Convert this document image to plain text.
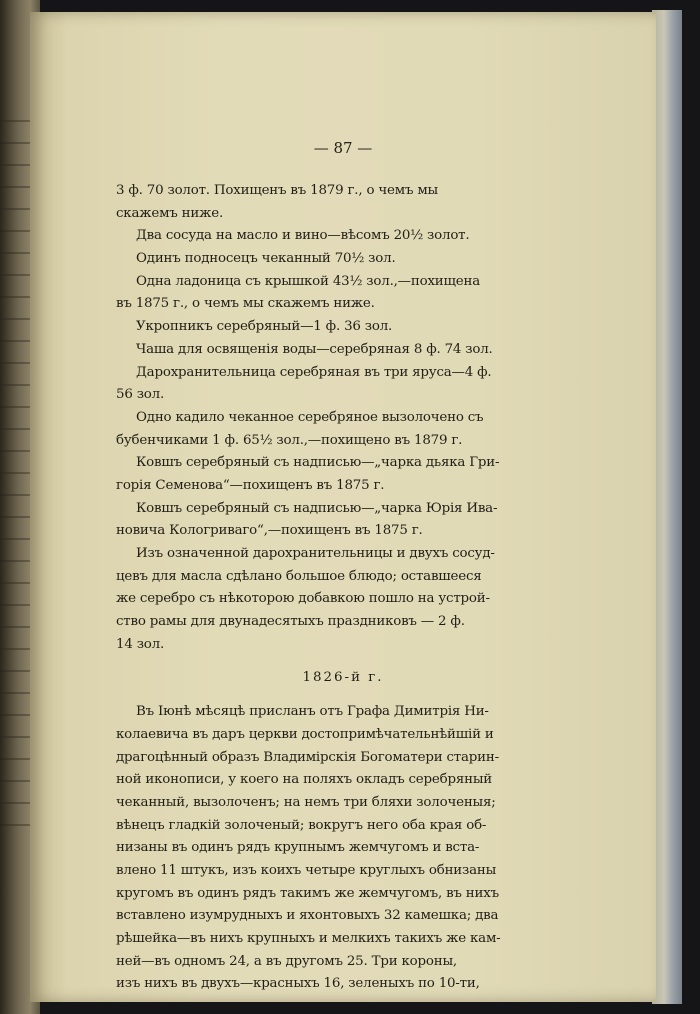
— 87 —
3 ф. 70 золот. Похищенъ въ 1879 г., о чемъ мы
скажемъ ниже.
Два сосуда на масло и вино—вѣсомъ 20½ золот.
Одинъ подносецъ чеканный 70½ зол.
Одна ладоница съ крышкой 43½ зол.,—похищена
въ 1875 г., о чемъ мы скажемъ ниже.
Укропникъ серебряный—1 ф. 36 зол.
Чаша для освященія воды—серебряная 8 ф. 74 зол.
Дарохранительница серебряная въ три яруса—4 ф.
56 зол.
Одно кадило чеканное серебряное вызолочено съ
бубенчиками 1 ф. 65½ зол.,—похищено въ 1879 г.
Ковшъ серебряный съ надписью—„чарка дьяка Гри-
горія Семенова“—похищенъ въ 1875 г.
Ковшъ серебряный съ надписью—„чарка Юрія Ива-
новича Кологриваго“,—похищенъ въ 1875 г.
Изъ означенной дарохранительницы и двухъ сосуд-
цевъ для масла сдѣлано большое блюдо; оставшееся
же серебро съ нѣкоторою добавкою пошло на устрой-
ство рамы для двунадесятыхъ праздниковъ — 2 ф.
14 зол.
1826-й г.
Въ Іюнѣ мѣсяцѣ присланъ отъ Графа Димитрія Ни-
колаевича въ даръ церкви достопримѣчательнѣйшій и
драгоцѣнный образъ Владимірскія Богоматери старин-
ной иконописи, у коего на поляхъ окладъ серебряный
чеканный, вызолоченъ; на немъ три бляхи золоченыя;
вѣнецъ гладкій золоченый; вокругъ него оба края об-
низаны въ одинъ рядъ крупнымъ жемчугомъ и вста-
влено 11 штукъ, изъ коихъ четыре круглыхъ обнизаны
кругомъ въ одинъ рядъ такимъ же жемчугомъ, въ нихъ
вставлено изумрудныхъ и яхонтовыхъ 32 камешка; два
рѣшейка—въ нихъ крупныхъ и мелкихъ такихъ же кам-
ней—въ одномъ 24, а въ другомъ 25. Три короны,
изъ нихъ въ двухъ—красныхъ 16, зеленыхъ по 10-ти,
